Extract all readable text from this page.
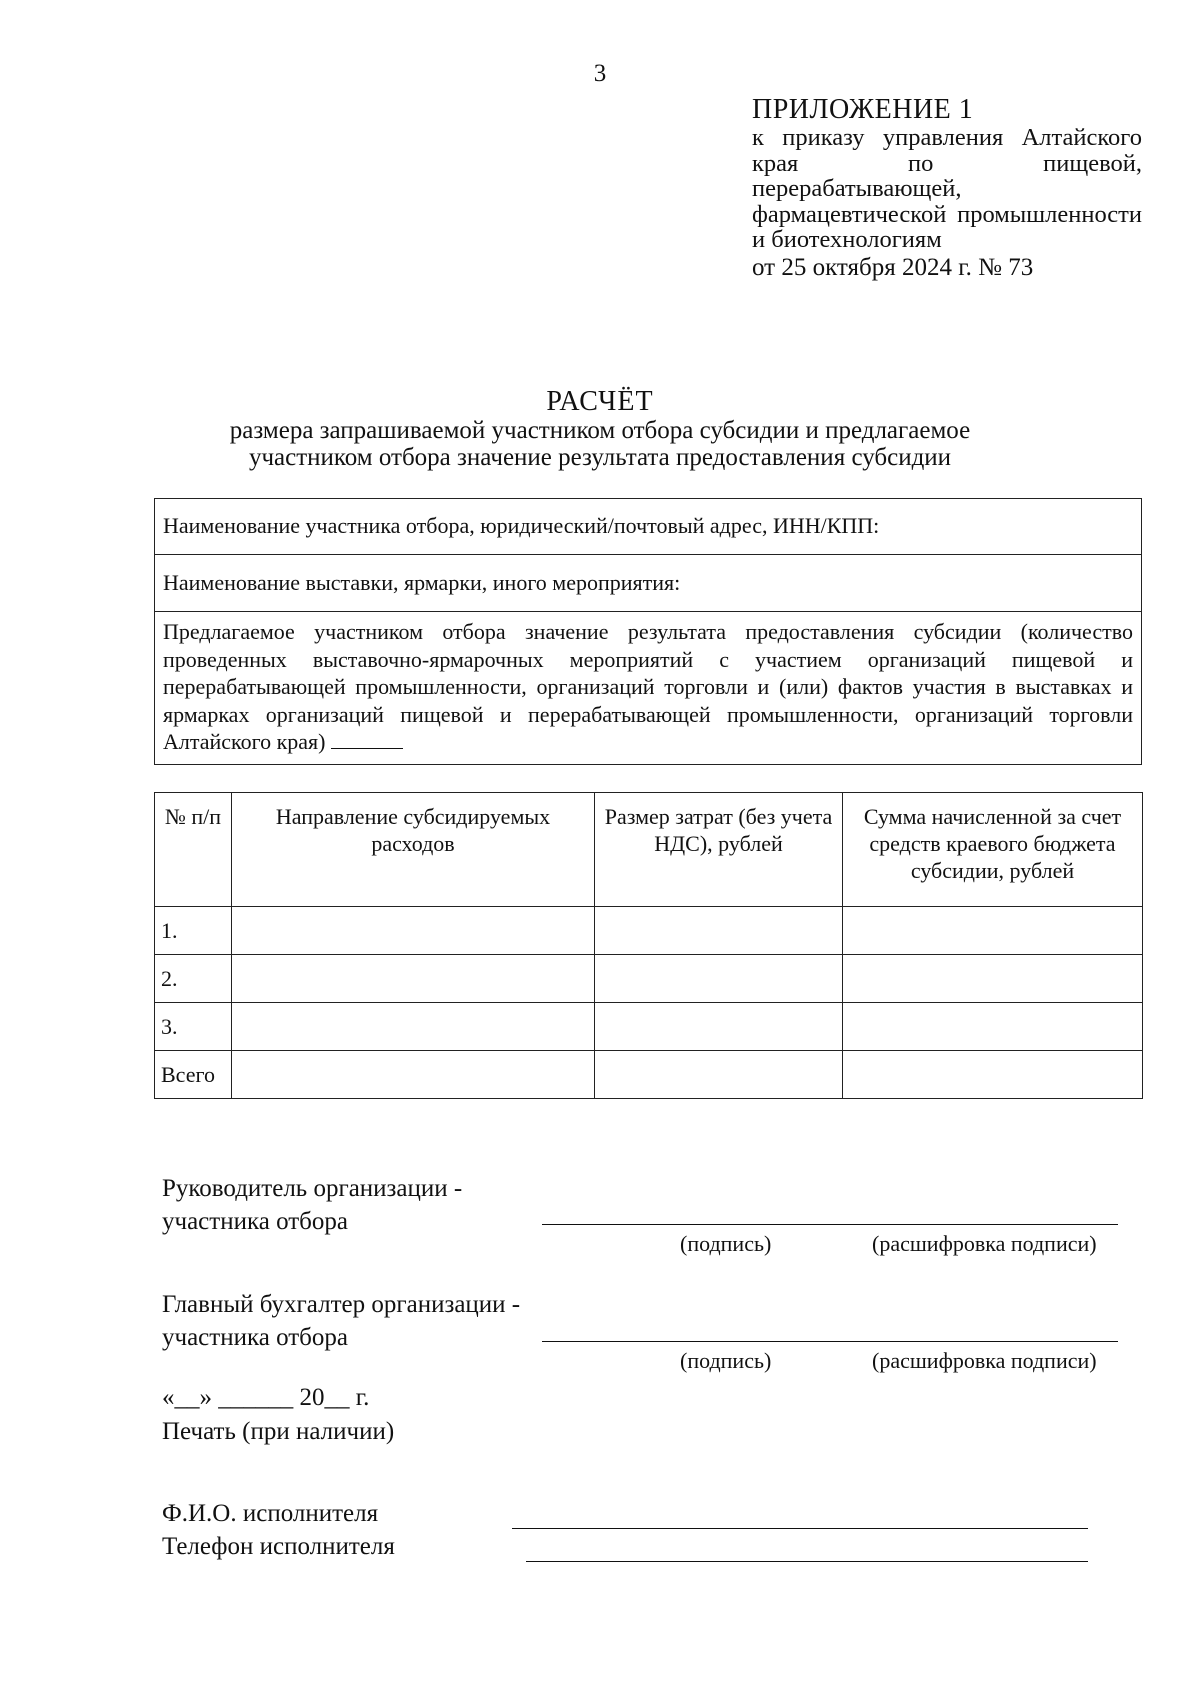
3
ПРИЛОЖЕНИЕ 1
к приказу управления Алтайского края по пищевой, перерабатывающей, фармацевтической промышленности и биотехнологиям
от 25 октября 2024 г. № 73
РАСЧЁТ
размера запрашиваемой участником отбора субсидии и предлагаемое
участником отбора значение результата предоставления субсидии
Наименование участника отбора, юридический/почтовый адрес, ИНН/КПП:
Наименование выставки, ярмарки, иного мероприятия:
Предлагаемое участником отбора значение результата предоставления субсидии (количество проведенных выставочно-ярмарочных мероприятий с участием организаций пищевой и перерабатывающей промышленности, организаций торговли и (или) фактов участия в выставках и ярмарках организаций пищевой и перерабатывающей промышленности, организаций торговли Алтайского края)
№ п/п	Направление субсидируемых расходов	Размер затрат (без учета НДС), рублей	Сумма начисленной за счет средств краевого бюджета субсидии, рублей
1.			
2.			
3.			
Всего			
Руководитель организации -
участника отбора
(подпись)	(расшифровка подписи)
Главный бухгалтер организации -
участника отбора
(подпись)	(расшифровка подписи)
«__» ______ 20__ г.
Печать (при наличии)
Ф.И.О. исполнителя
Телефон исполнителя
